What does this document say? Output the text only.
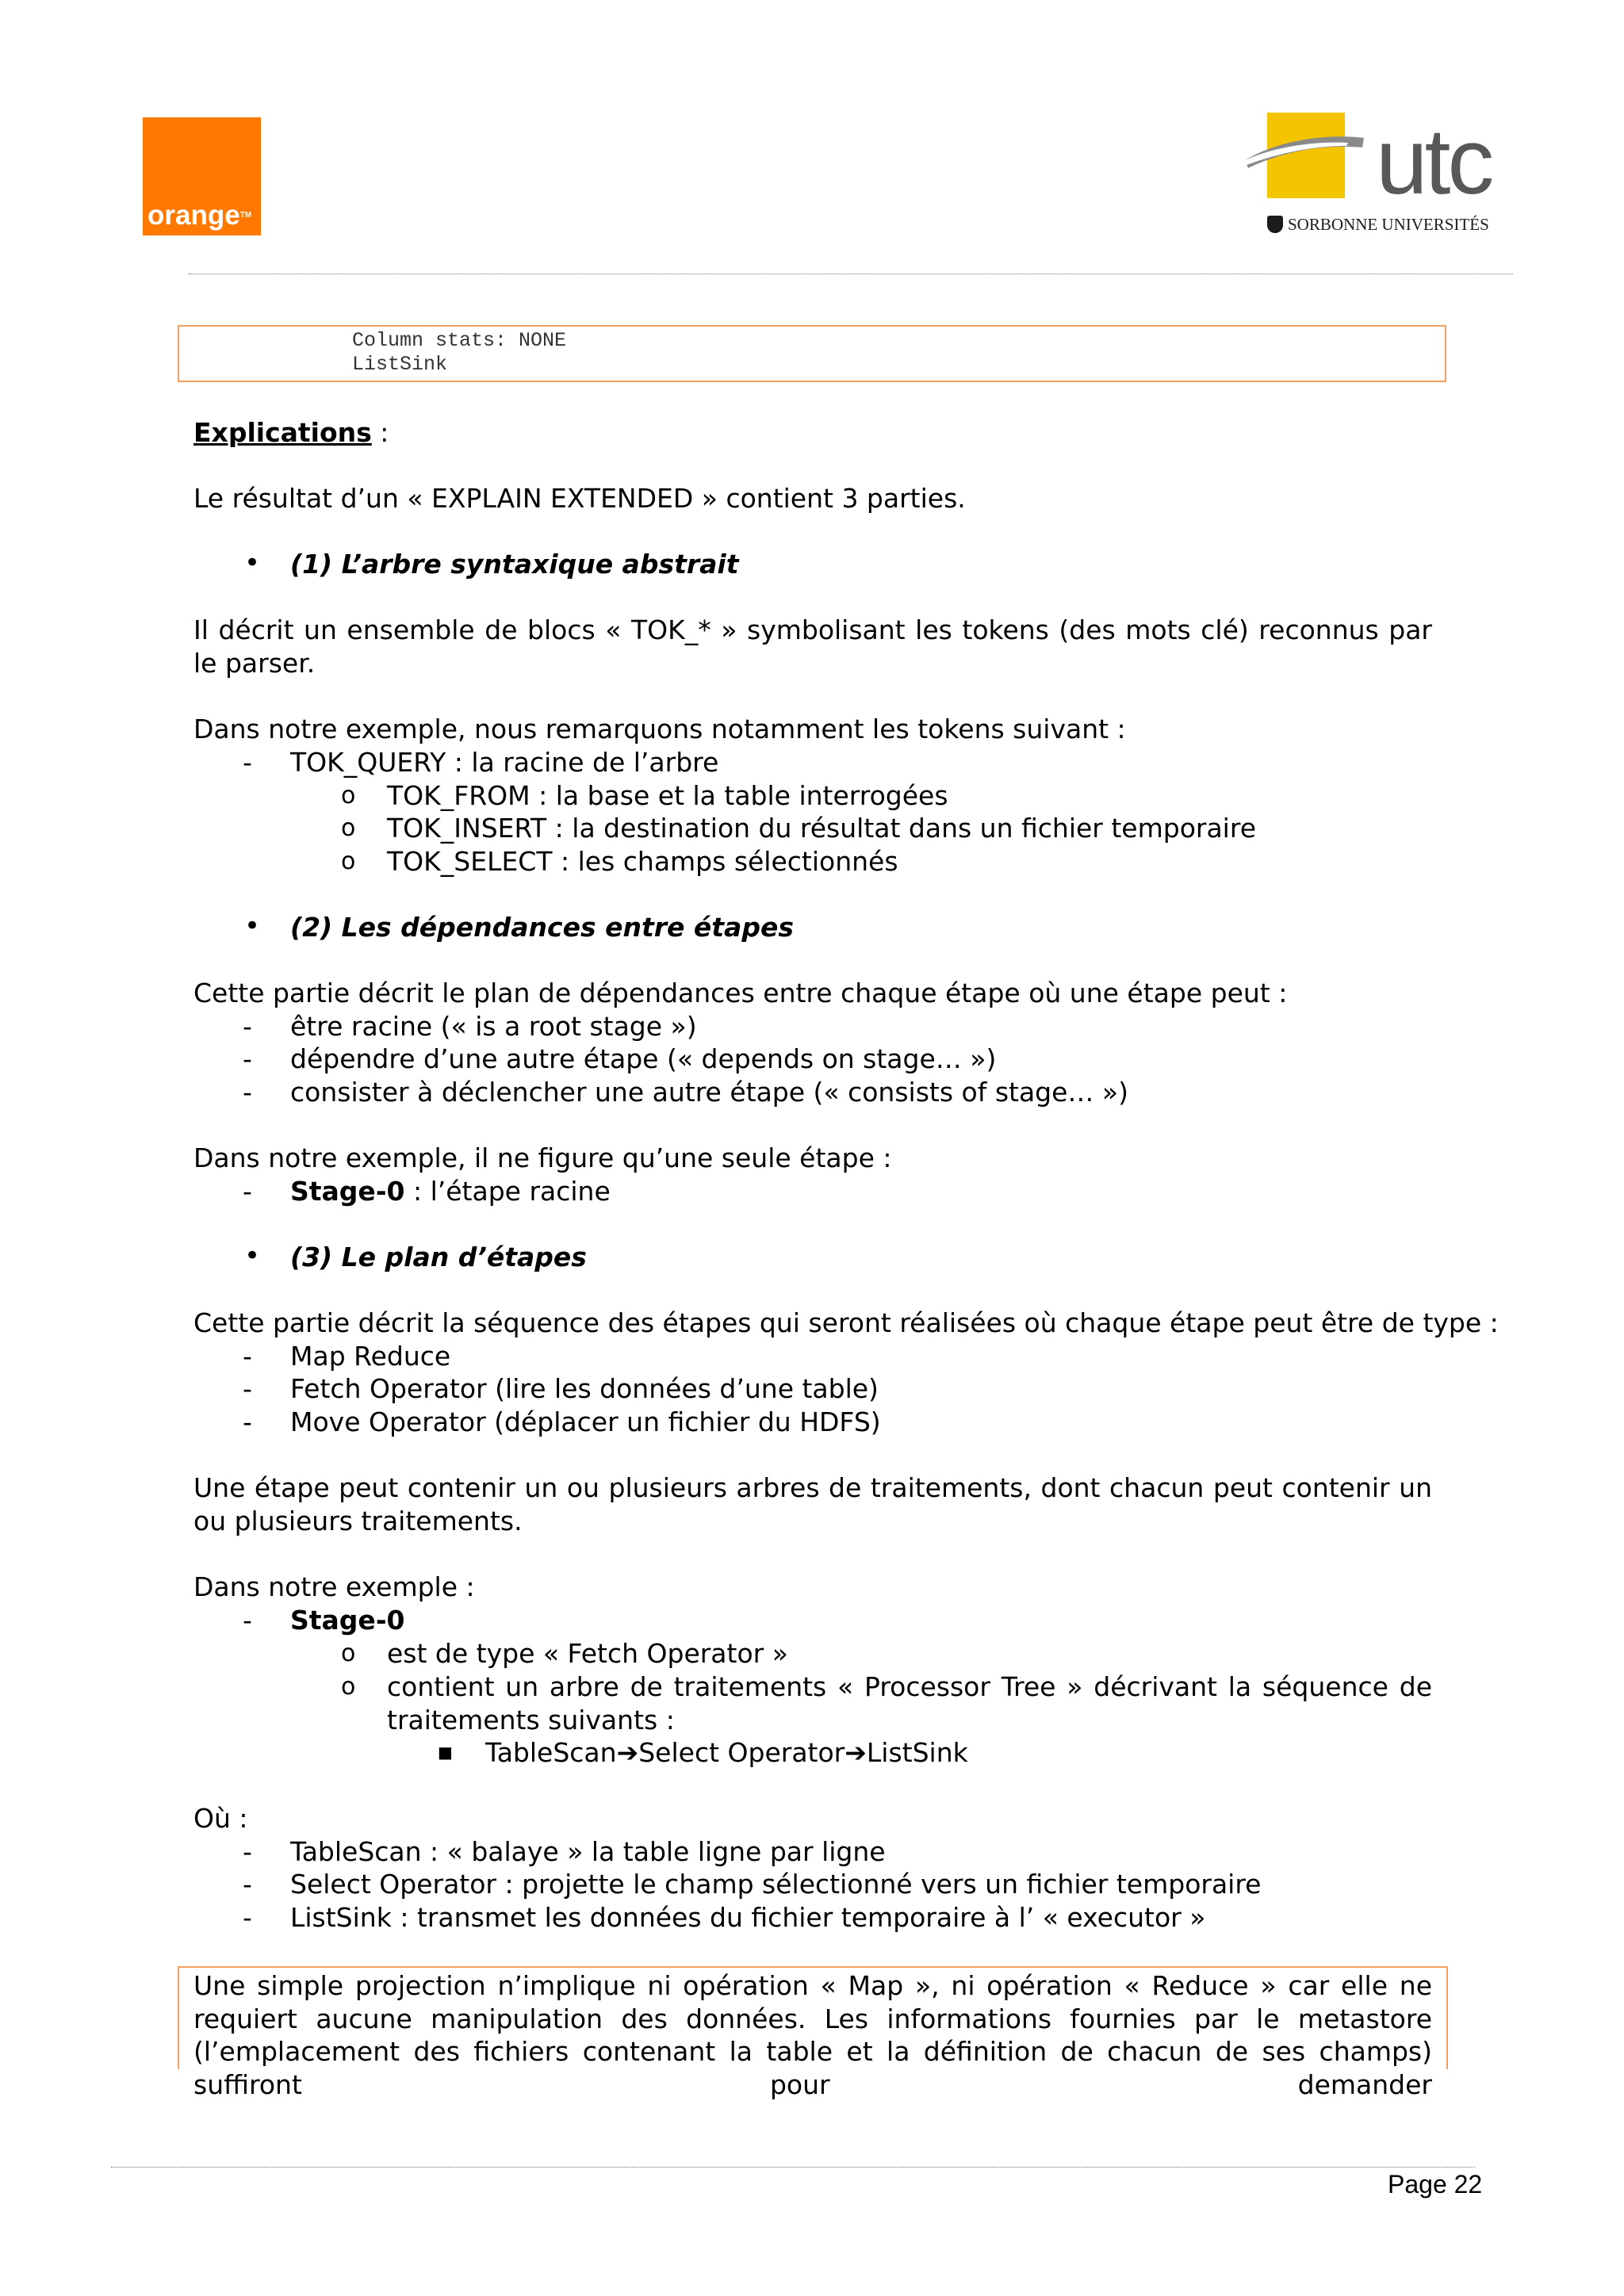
orange™
utc
SORBONNE UNIVERSITÉS
Column stats: NONE
ListSink
Explications :
Le résultat d’un « EXPLAIN EXTENDED » contient 3 parties.
• (1) L’arbre syntaxique abstrait
Il décrit un ensemble de blocs « TOK_* » symbolisant les tokens (des mots clé) reconnus par le parser.
Dans notre exemple, nous remarquons notamment les tokens suivant :
- TOK_QUERY : la racine de l’arbre
o TOK_FROM : la base et la table interrogées
o TOK_INSERT : la destination du résultat dans un fichier temporaire
o TOK_SELECT : les champs sélectionnés
• (2) Les dépendances entre étapes
Cette partie décrit le plan de dépendances entre chaque étape où une étape peut :
- être racine (« is a root stage »)
- dépendre d’une autre étape (« depends on stage… »)
- consister à déclencher une autre étape (« consists of stage… »)
Dans notre exemple, il ne figure qu’une seule étape :
- Stage-0 : l’étape racine
• (3) Le plan d’étapes
Cette partie décrit la séquence des étapes qui seront réalisées où chaque étape peut être de type :
- Map Reduce
- Fetch Operator (lire les données d’une table)
- Move Operator (déplacer un fichier du HDFS)
Une étape peut contenir un ou plusieurs arbres de traitements, dont chacun peut contenir un ou plusieurs traitements.
Dans notre exemple :
- Stage-0
o est de type « Fetch Operator »
o contient un arbre de traitements « Processor Tree » décrivant la séquence de traitements suivants :
■ TableScan➔Select Operator➔ListSink
Où :
- TableScan : « balaye » la table ligne par ligne
- Select Operator : projette le champ sélectionné vers un fichier temporaire
- ListSink : transmet les données du fichier temporaire à l’ « executor »
Une simple projection n’implique ni opération « Map », ni opération « Reduce » car elle ne requiert aucune manipulation des données. Les informations fournies par le metastore (l’emplacement des fichiers contenant la table et la définition de chacun de ses champs) suffiront pour demander
Page 22
